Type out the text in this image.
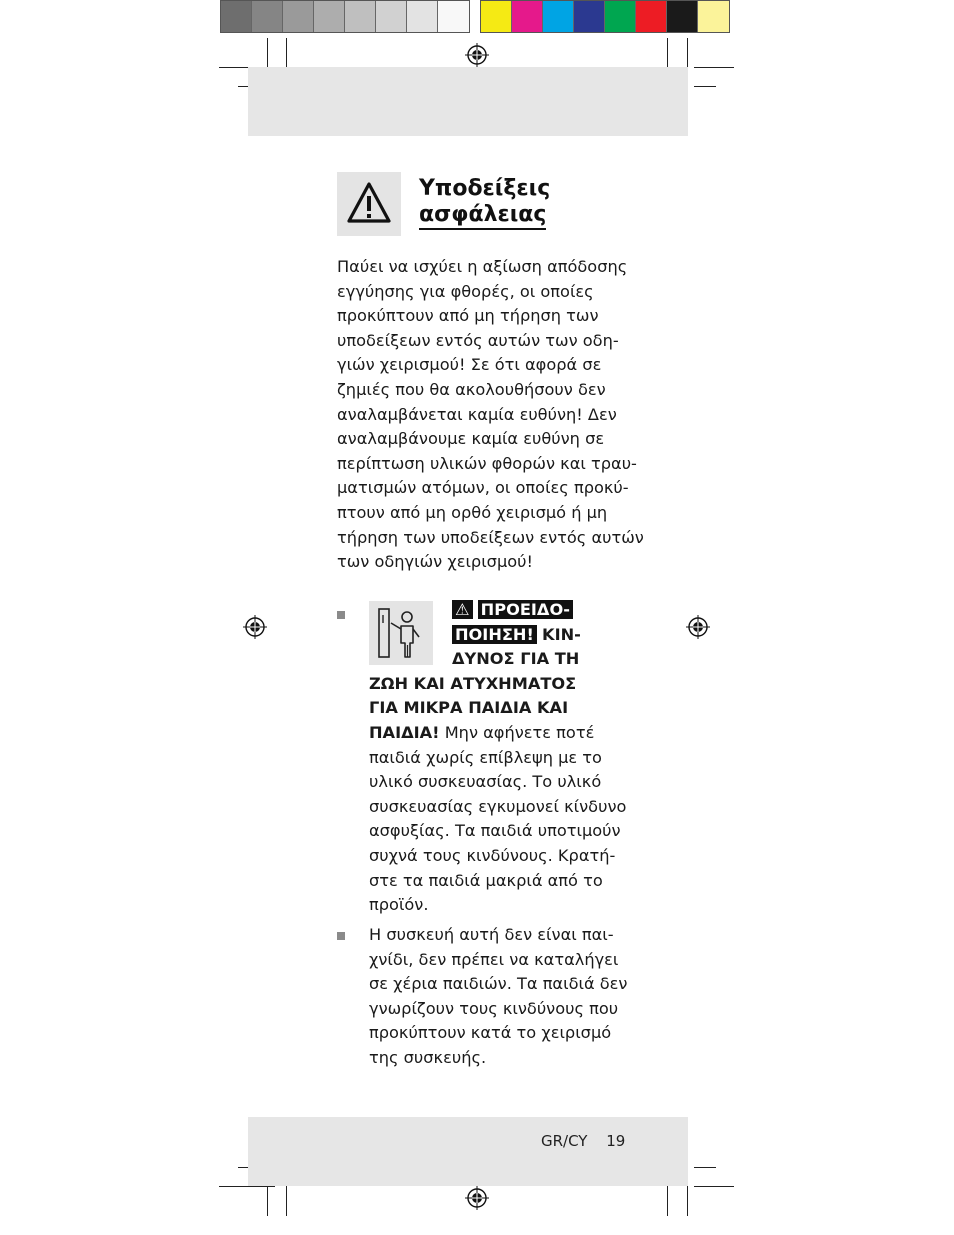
Υποδείξεις
ασφάλειας
Παύει να ισχύει η αξίωση απόδοσης
εγγύησης για φθορές, οι οποίες
προκύπτουν από μη τήρηση των
υποδείξεων εντός αυτών των οδη-
γιών χειρισμού! Σε ότι αφορά σε
ζημιές που θα ακολουθήσουν δεν
αναλαμβάνεται καμία ευθύνη! Δεν
αναλαμβάνουμε καμία ευθύνη σε
περίπτωση υλικών φθορών και τραυ-
ματισμών ατόμων, οι οποίες προκύ-
πτουν από μη ορθό χειρισμό ή μη
τήρηση των υποδείξεων εντός αυτών
των οδηγιών χειρισμού!
⚠ ΠΡΟΕΙΔΟ-
ΠΟΙΗΣΗ! ΚΙΝ-
ΔΥΝΟΣ ΓΙΑ ΤΗ
ΖΩΗ ΚΑΙ ΑΤΥΧΗΜΑΤΟΣ
ΓΙΑ ΜΙΚΡΑ ΠΑΙΔΙΑ ΚΑΙ
ΠΑΙΔΙΑ! Μην αφήνετε ποτέ
παιδιά χωρίς επίβλεψη με το
υλικό συσκευασίας. Το υλικό
συσκευασίας εγκυμονεί κίνδυνο
ασφυξίας. Τα παιδιά υποτιμούν
συχνά τους κινδύνους. Κρατή-
στε τα παιδιά μακριά από το
προϊόν.
Η συσκευή αυτή δεν είναι παι-
χνίδι, δεν πρέπει να καταλήγει
σε χέρια παιδιών. Τα παιδιά δεν
γνωρίζουν τους κινδύνους που
προκύπτουν κατά το χειρισμό
της συσκευής.
GR/CY 19
